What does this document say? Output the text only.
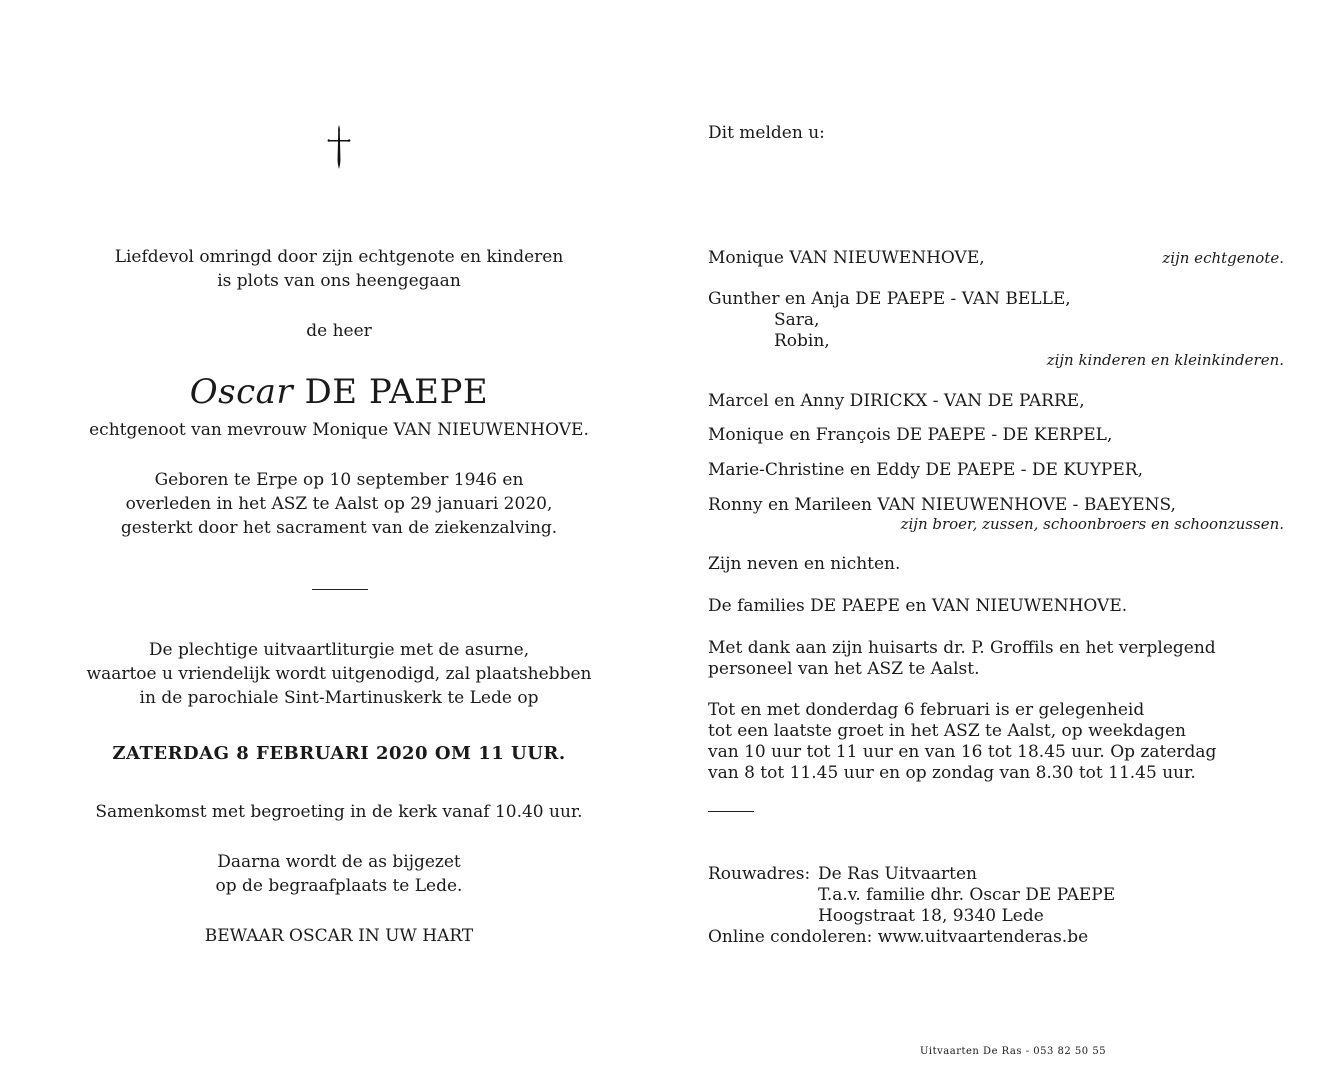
Liefdevol omringd door zijn echtgenote en kinderen
is plots van ons heengegaan
de heer
Oscar DE PAEPE
echtgenoot van mevrouw Monique VAN NIEUWENHOVE.
Geboren te Erpe op 10 september 1946 en
overleden in het ASZ te Aalst op 29 januari 2020,
gesterkt door het sacrament van de ziekenzalving.
De plechtige uitvaartliturgie met de asurne,
waartoe u vriendelijk wordt uitgenodigd, zal plaatshebben
in de parochiale Sint-Martinuskerk te Lede op
ZATERDAG 8 FEBRUARI 2020 OM 11 UUR.
Samenkomst met begroeting in de kerk vanaf 10.40 uur.
Daarna wordt de as bijgezet
op de begraafplaats te Lede.
BEWAAR OSCAR IN UW HART
Dit melden u:
Monique VAN NIEUWENHOVE,	zijn echtgenote.
Gunther en Anja DE PAEPE - VAN BELLE,
Sara,
Robin,
zijn kinderen en kleinkinderen.
Marcel en Anny DIRICKX - VAN DE PARRE,
Monique en François DE PAEPE - DE KERPEL,
Marie-Christine en Eddy DE PAEPE - DE KUYPER,
Ronny en Marileen VAN NIEUWENHOVE - BAEYENS,
zijn broer, zussen, schoonbroers en schoonzussen.
Zijn neven en nichten.
De families DE PAEPE en VAN NIEUWENHOVE.
Met dank aan zijn huisarts dr. P. Groffils en het verplegend
personeel van het ASZ te Aalst.
Tot en met donderdag 6 februari is er gelegenheid
tot een laatste groet in het ASZ te Aalst, op weekdagen
van 10 uur tot 11 uur en van 16 tot 18.45 uur. Op zaterdag
van 8 tot 11.45 uur en op zondag van 8.30 tot 11.45 uur.
Rouwadres: De Ras Uitvaarten
T.a.v. familie dhr. Oscar DE PAEPE
Hoogstraat 18, 9340 Lede
Online condoleren: www.uitvaartenderas.be
Uitvaarten De Ras - 053 82 50 55
